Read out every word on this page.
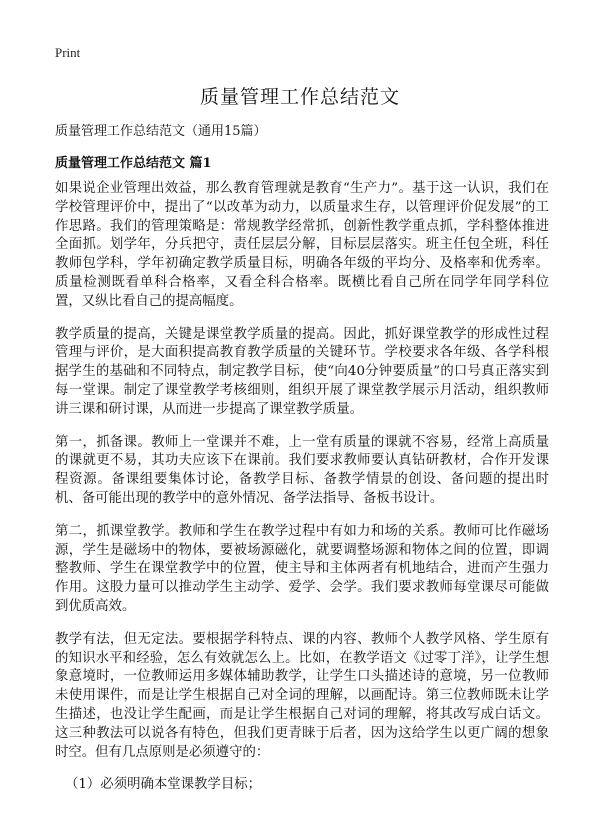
Print
质量管理工作总结范文
质量管理工作总结范文（通用15篇）
质量管理工作总结范文 篇1

如果说企业管理出效益，那么教育管理就是教育“生产力”。基于这一认识，我们在学校管理评价中，提出了“以改革为动力，以质量求生存，以管理评价促发展”的工作思路。我们的管理策略是：常规教学经常抓，创新性教学重点抓，学科整体推进全面抓。划学年，分兵把守，责任层层分解，目标层层落实。班主任包全班，科任教师包学科，学年初确定教学质量目标，明确各年级的平均分、及格率和优秀率。质量检测既看单科合格率，又看全科合格率。既横比看自己所在同学年同学科位置，又纵比看自己的提高幅度。

教学质量的提高，关键是课堂教学质量的提高。因此，抓好课堂教学的形成性过程管理与评价，是大面积提高教育教学质量的关键环节。学校要求各年级、各学科根据学生的基础和不同特点，制定教学目标，使“向40分钟要质量”的口号真正落实到每一堂课。制定了课堂教学考核细则，组织开展了课堂教学展示月活动，组织教师讲三课和研讨课，从而进一步提高了课堂教学质量。

第一，抓备课。教师上一堂课并不难，上一堂有质量的课就不容易，经常上高质量的课就更不易，其功夫应该下在课前。我们要求教师要认真钻研教材，合作开发课程资源。备课组要集体讨论，备教学目标、备教学情景的创设、备问题的提出时机、备可能出现的教学中的意外情况、备学法指导、备板书设计。

第二，抓课堂教学。教师和学生在教学过程中有如力和场的关系。教师可比作磁场源，学生是磁场中的物体，要被场源磁化，就要调整场源和物体之间的位置，即调整教师、学生在课堂教学中的位置，使主导和主体两者有机地结合，进而产生强力作用。这股力量可以推动学生主动学、爱学、会学。我们要求教师每堂课尽可能做到优质高效。

教学有法，但无定法。要根据学科特点、课的内容、教师个人教学风格、学生原有的知识水平和经验，怎么有效就怎么上。比如，在教学语文《过零丁洋》，让学生想象意境时，一位教师运用多媒体辅助教学，让学生口头描述诗的意境，另一位教师未使用课件，而是让学生根据自己对全词的理解，以画配诗。第三位教师既未让学生描述，也没让学生配画，而是让学生根据自己对词的理解，将其改写成白话文。这三种教法可以说各有特色，但我们更青睐于后者，因为这给学生以更广阔的想象时空。但有几点原则是必须遵守的：

（1）必须明确本堂课教学目标；
